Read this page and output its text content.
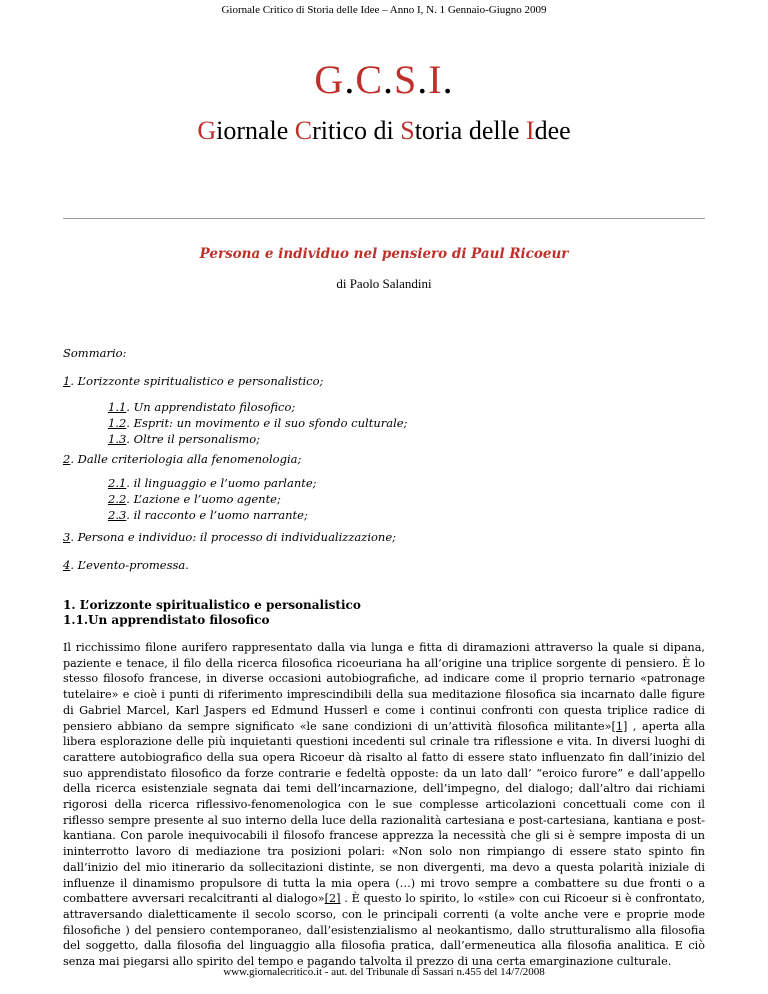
Giornale Critico di Storia delle Idee – Anno I, N. 1 Gennaio-Giugno 2009
G.C.S.I.
Giornale Critico di Storia delle Idee
Persona e individuo nel pensiero di Paul Ricoeur
di Paolo Salandini
Sommario:
1. L’orizzonte spiritualistico e personalistico;
1.1. Un apprendistato filosofico;
1.2. Esprit: un movimento e il suo sfondo culturale;
1.3. Oltre il personalismo;
2. Dalle criteriologia alla fenomenologia;
2.1. il linguaggio e l’uomo parlante;
2.2. L’azione e l’uomo agente;
2.3. il racconto e l’uomo narrante;
3. Persona e individuo: il processo di individualizzazione;
4. L’evento-promessa.
1. L’orizzonte spiritualistico e personalistico
1.1.Un apprendistato filosofico
Il ricchissimo filone aurifero rappresentato dalla via lunga e fitta di diramazioni attraverso la quale si dipana, paziente e tenace, il filo della ricerca filosofica ricoeuriana ha all’origine una triplice sorgente di pensiero. È lo stesso filosofo francese, in diverse occasioni autobiografiche, ad indicare come il proprio ternario «patronage tutelaire» e cioè i punti di riferimento imprescindibili della sua meditazione filosofica sia incarnato dalle figure di Gabriel Marcel, Karl Jaspers ed Edmund Husserl e come i continui confronti con questa triplice radice di pensiero abbiano da sempre significato «le sane condizioni di un’attività filosofica militante»[1] , aperta alla libera esplorazione delle più inquietanti questioni incedenti sul crinale tra riflessione e vita. In diversi luoghi di carattere autobiografico della sua opera Ricoeur dà risalto al fatto di essere stato influenzato fin dall’inizio del suo apprendistato filosofico da forze contrarie e fedeltà opposte: da un lato dall’ “eroico furore” e dall’appello della ricerca esistenziale segnata dai temi dell’incarnazione, dell’impegno, del dialogo; dall’altro dai richiami rigorosi della ricerca riflessivo-fenomenologica con le sue complesse articolazioni concettuali come con il riflesso sempre presente al suo interno della luce della razionalità cartesiana e post-cartesiana, kantiana e post-kantiana. Con parole inequivocabili il filosofo francese apprezza la necessità che gli si è sempre imposta di un ininterrotto lavoro di mediazione tra posizioni polari: «Non solo non rimpiango di essere stato spinto fin dall’inizio del mio itinerario da sollecitazioni distinte, se non divergenti, ma devo a questa polarità iniziale di influenze il dinamismo propulsore di tutta la mia opera (…) mi trovo sempre a combattere su due fronti o a combattere avversari recalcitranti al dialogo»[2] . È questo lo spirito, lo «stile» con cui Ricoeur si è confrontato, attraversando dialetticamente il secolo scorso, con le principali correnti (a volte anche vere e proprie mode filosofiche ) del pensiero contemporaneo, dall’esistenzialismo al neokantismo, dallo strutturalismo alla filosofia del soggetto, dalla filosofia del linguaggio alla filosofia pratica, dall’ermeneutica alla filosofia analitica. E ciò senza mai piegarsi allo spirito del tempo e pagando talvolta il prezzo di una certa emarginazione culturale.
www.giornalecritico.it - aut. del Tribunale di Sassari n.455 del 14/7/2008
